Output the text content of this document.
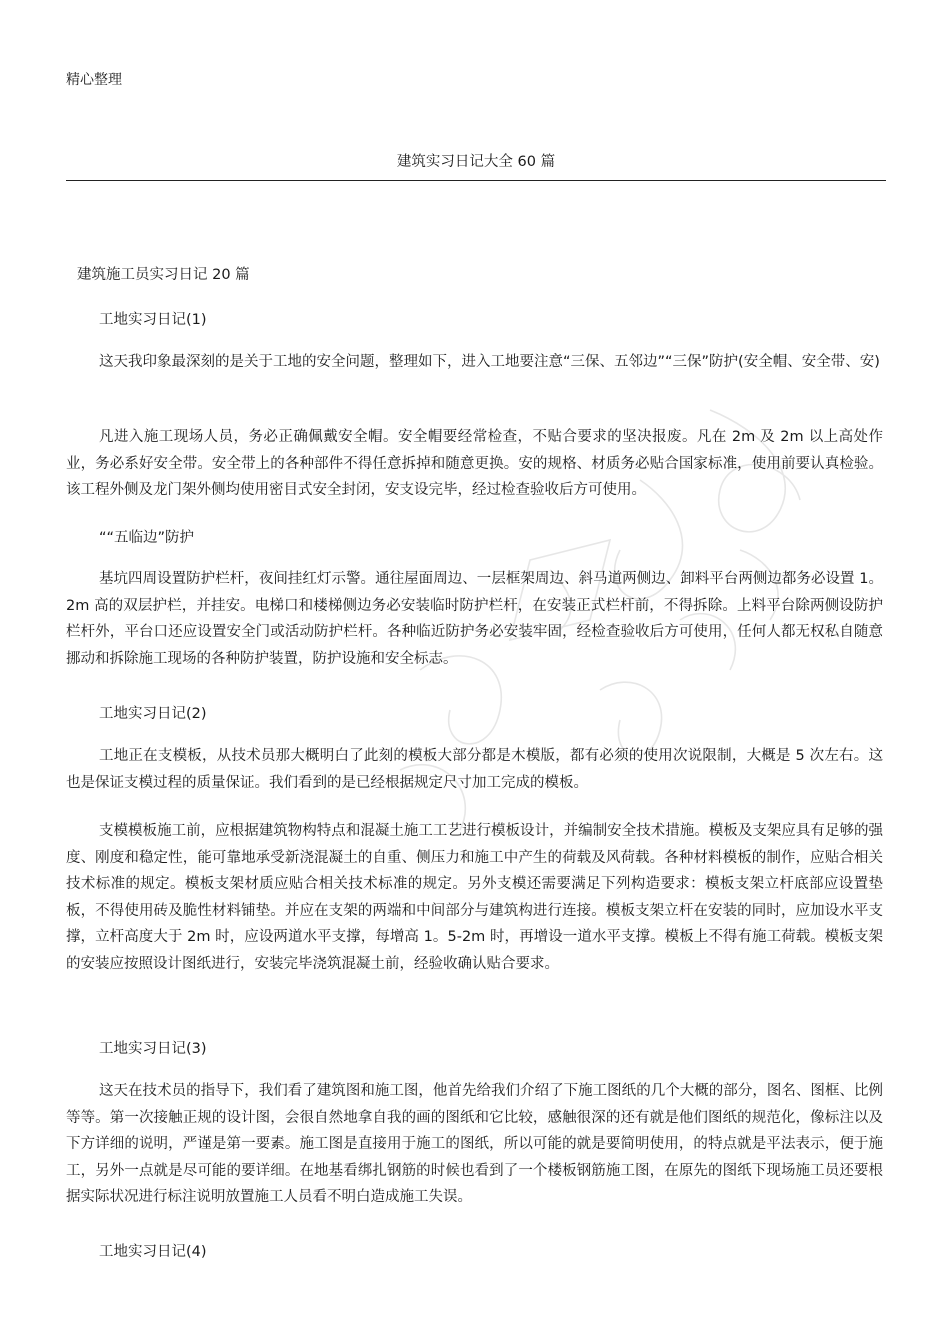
精心整理
建筑实习日记大全 60 篇
建筑施工员实习日记 20 篇
工地实习日记(1)
这天我印象最深刻的是关于工地的安全问题，整理如下，进入工地要注意“三保、五邻边”“三保”防护(安全帽、安全带、安)
凡进入施工现场人员，务必正确佩戴安全帽。安全帽要经常检查，不贴合要求的坚决报废。凡在 2m 及 2m 以上高处作业，务必系好安全带。安全带上的各种部件不得任意拆掉和随意更换。安的规格、材质务必贴合国家标准，使用前要认真检验。该工程外侧及龙门架外侧均使用密目式安全封闭，安支设完毕，经过检查验收后方可使用。
““五临边”防护
基坑四周设置防护栏杆，夜间挂红灯示警。通往屋面周边、一层框架周边、斜马道两侧边、卸料平台两侧边都务必设置 1。2m 高的双层护栏，并挂安。电梯口和楼梯侧边务必安装临时防护栏杆，在安装正式栏杆前，不得拆除。上料平台除两侧设防护栏杆外，平台口还应设置安全门或活动防护栏杆。各种临近防护务必安装牢固，经检查验收后方可使用，任何人都无权私自随意挪动和拆除施工现场的各种防护装置，防护设施和安全标志。
工地实习日记(2)
工地正在支模板，从技术员那大概明白了此刻的模板大部分都是木模版，都有必须的使用次说限制，大概是 5 次左右。这也是保证支模过程的质量保证。我们看到的是已经根据规定尺寸加工完成的模板。
支模模板施工前，应根据建筑物构特点和混凝土施工工艺进行模板设计，并编制安全技术措施。模板及支架应具有足够的强度、刚度和稳定性，能可靠地承受新浇混凝土的自重、侧压力和施工中产生的荷载及风荷载。各种材料模板的制作，应贴合相关技术标准的规定。模板支架材质应贴合相关技术标准的规定。另外支模还需要满足下列构造要求：模板支架立杆底部应设置垫板，不得使用砖及脆性材料铺垫。并应在支架的两端和中间部分与建筑构进行连接。模板支架立杆在安装的同时，应加设水平支撑，立杆高度大于 2m 时，应设两道水平支撑，每增高 1。5-2m 时，再增设一道水平支撑。模板上不得有施工荷载。模板支架的安装应按照设计图纸进行，安装完毕浇筑混凝土前，经验收确认贴合要求。
工地实习日记(3)
这天在技术员的指导下，我们看了建筑图和施工图，他首先给我们介绍了下施工图纸的几个大概的部分，图名、图框、比例等等。第一次接触正规的设计图，会很自然地拿自我的画的图纸和它比较，感触很深的还有就是他们图纸的规范化，像标注以及下方详细的说明，严谨是第一要素。施工图是直接用于施工的图纸，所以可能的就是要简明使用，的特点就是平法表示，便于施工，另外一点就是尽可能的要详细。在地基看绑扎钢筋的时候也看到了一个楼板钢筋施工图，在原先的图纸下现场施工员还要根据实际状况进行标注说明放置施工人员看不明白造成施工失误。
工地实习日记(4)
